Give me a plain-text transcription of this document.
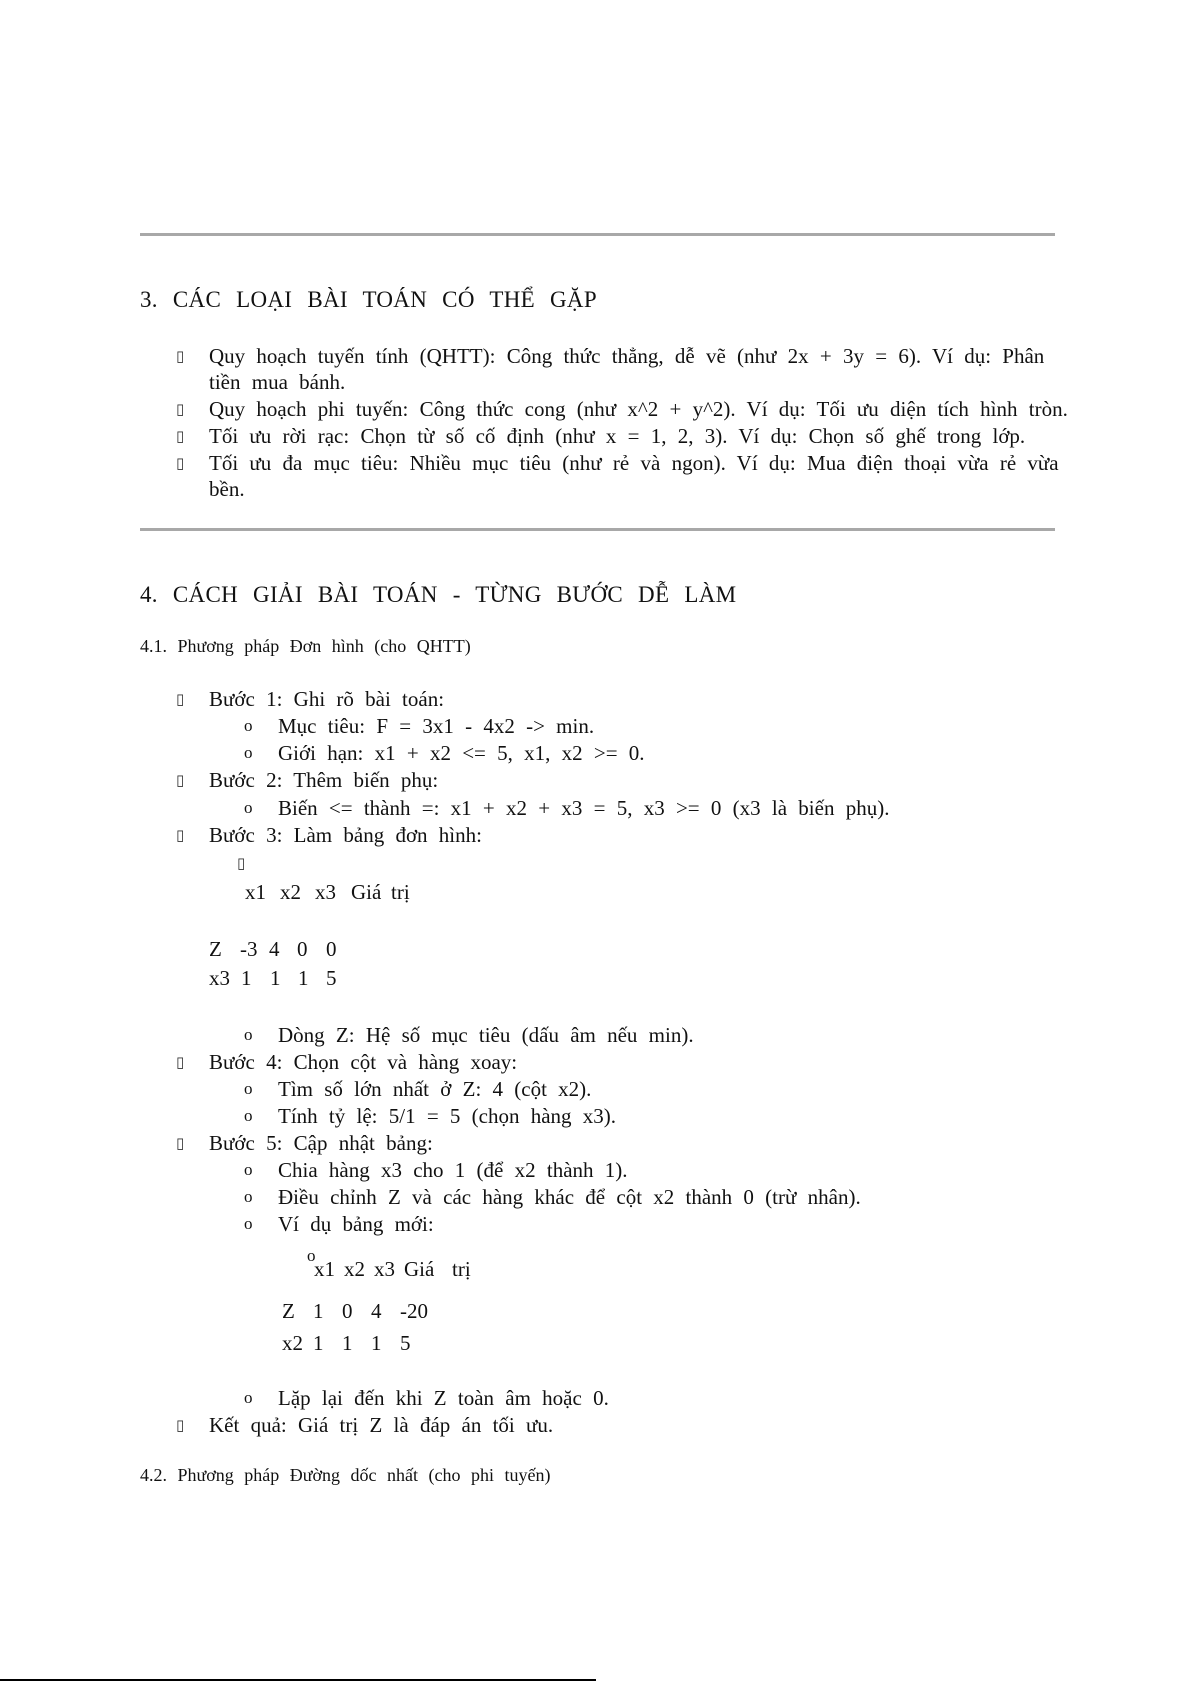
3. CÁC LOẠI BÀI TOÁN CÓ THỂ GẶP
▯ Quy hoạch tuyến tính (QHTT): Công thức thẳng, dễ vẽ (như 2x + 3y = 6). Ví dụ: Phân
tiền mua bánh.
▯ Quy hoạch phi tuyến: Công thức cong (như x^2 + y^2). Ví dụ: Tối ưu diện tích hình tròn.
▯ Tối ưu rời rạc: Chọn từ số cố định (như x = 1, 2, 3). Ví dụ: Chọn số ghế trong lớp.
▯ Tối ưu đa mục tiêu: Nhiều mục tiêu (như rẻ và ngon). Ví dụ: Mua điện thoại vừa rẻ vừa
bền.
4. CÁCH GIẢI BÀI TOÁN - TỪNG BƯỚC DỄ LÀM
4.1. Phương pháp Đơn hình (cho QHTT)
▯ Bước 1: Ghi rõ bài toán:
o Mục tiêu: F = 3x1 - 4x2 -> min.
o Giới hạn: x1 + x2 <= 5, x1, x2 >= 0.
▯ Bước 2: Thêm biến phụ:
o Biến <= thành =: x1 + x2 + x3 = 5, x3 >= 0 (x3 là biến phụ).
▯ Bước 3: Làm bảng đơn hình:
▯
x1 x2 x3 Giá trị
Z -3 4 0 0
x3 1 1 1 5
o Dòng Z: Hệ số mục tiêu (dấu âm nếu min).
▯ Bước 4: Chọn cột và hàng xoay:
o Tìm số lớn nhất ở Z: 4 (cột x2).
o Tính tỷ lệ: 5/1 = 5 (chọn hàng x3).
▯ Bước 5: Cập nhật bảng:
o Chia hàng x3 cho 1 (để x2 thành 1).
o Điều chỉnh Z và các hàng khác để cột x2 thành 0 (trừ nhân).
o Ví dụ bảng mới:
o
x1 x2 x3 Giá trị
Z 1 0 4 -20
x2 1 1 1 5
o Lặp lại đến khi Z toàn âm hoặc 0.
▯ Kết quả: Giá trị Z là đáp án tối ưu.
4.2. Phương pháp Đường dốc nhất (cho phi tuyến)
